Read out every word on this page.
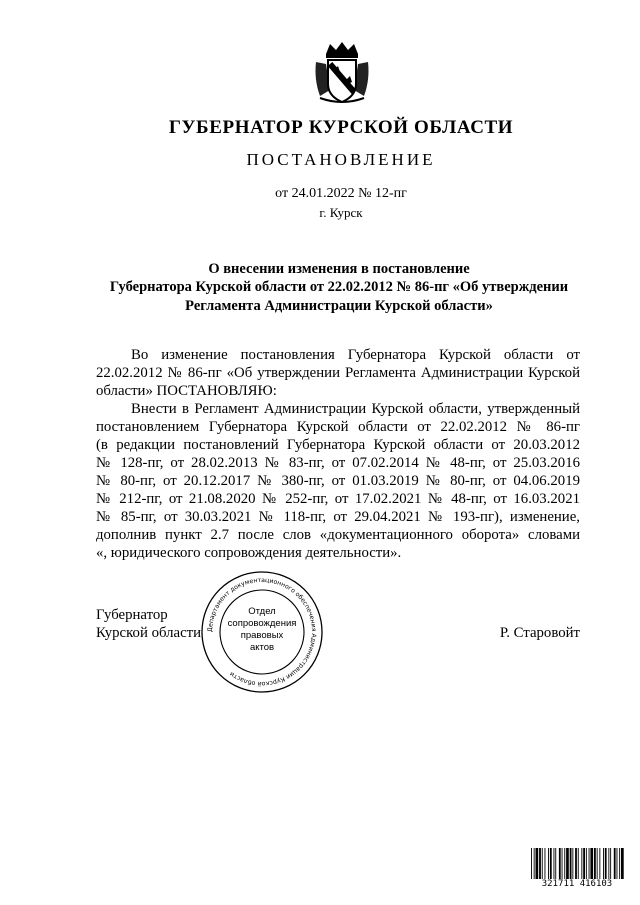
ГУБЕРНАТОР КУРСКОЙ ОБЛАСТИ
ПОСТАНОВЛЕНИЕ
от 24.01.2022 № 12-пг
г. Курск
О внесении изменения в постановление
Губернатора Курской области от 22.02.2012 № 86-пг «Об утверждении
Регламента Администрации Курской области»
Во изменение постановления Губернатора Курской области от
22.02.2012 № 86-пг «Об утверждении Регламента Администрации Курской
области» ПОСТАНОВЛЯЮ:
Внести в Регламент Администрации Курской области, утвержденный
постановлением Губернатора Курской области от 22.02.2012 № 86-пг
(в редакции постановлений Губернатора Курской области от 20.03.2012
№ 128-пг, от 28.02.2013 № 83-пг, от 07.02.2014 № 48-пг, от 25.03.2016
№ 80-пг, от 20.12.2017 № 380-пг, от 01.03.2019 № 80-пг, от 04.06.2019
№ 212-пг, от 21.08.2020 № 252-пг, от 17.02.2021 № 48-пг, от 16.03.2021
№ 85-пг, от 30.03.2021 № 118-пг, от 29.04.2021 № 193-пг), изменение,
дополнив пункт 2.7 после слов «документационного оборота» словами
«, юридического сопровождения деятельности».
Губернатор
Курской области	Р. Старовойт
Департамент документационного обеспечения Администрации Курской области
Отдел
сопровождения
правовых
актов
321711 416103
